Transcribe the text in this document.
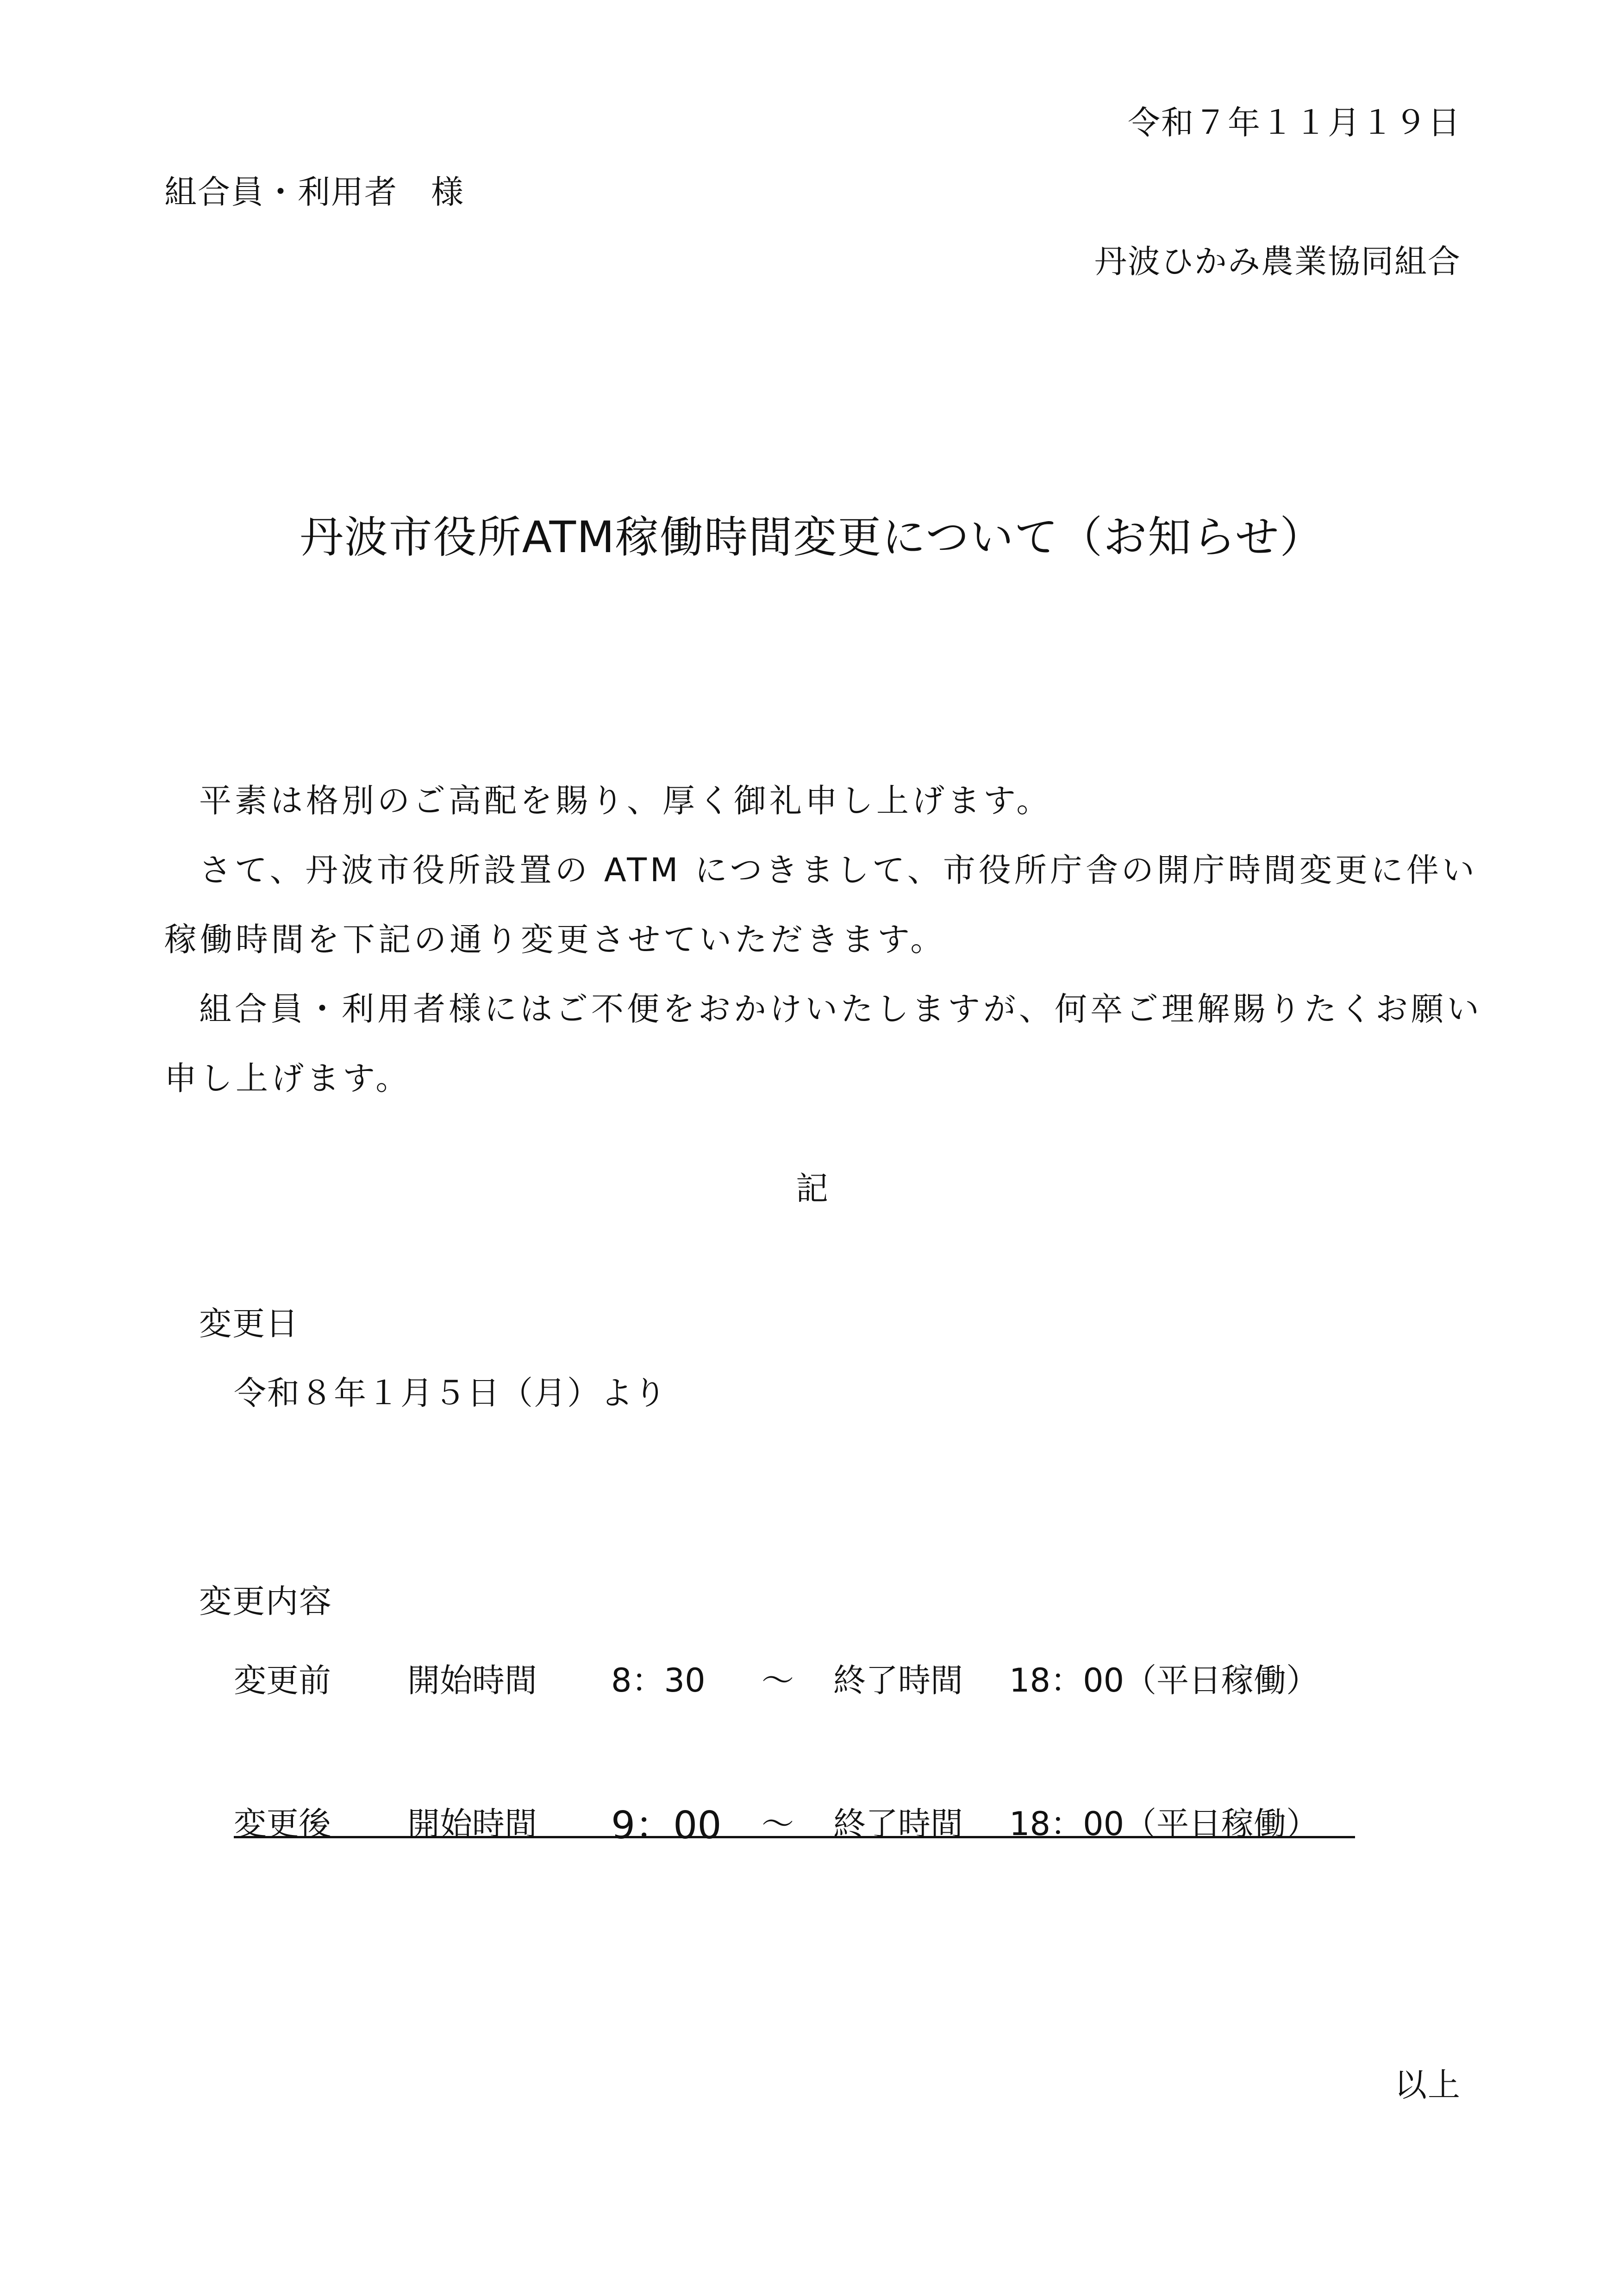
令和７年１１月１９日
組合員・利用者　様
丹波ひかみ農業協同組合
丹波市役所ATM稼働時間変更について（お知らせ）
平素は格別のご高配を賜り、厚く御礼申し上げます。
さて、丹波市役所設置の ATM につきまして、市役所庁舎の開庁時間変更に伴い
稼働時間を下記の通り変更させていただきます。
組合員・利用者様にはご不便をおかけいたしますが、何卒ご理解賜りたくお願い
申し上げます。
記
変更日
令和８年１月５日（月）より
変更内容
変更前 開始時間 8：30 ～ 終了時間 18：00（平日稼働）
変更後 開始時間 9：00 ～ 終了時間 18：00（平日稼働）
以上
